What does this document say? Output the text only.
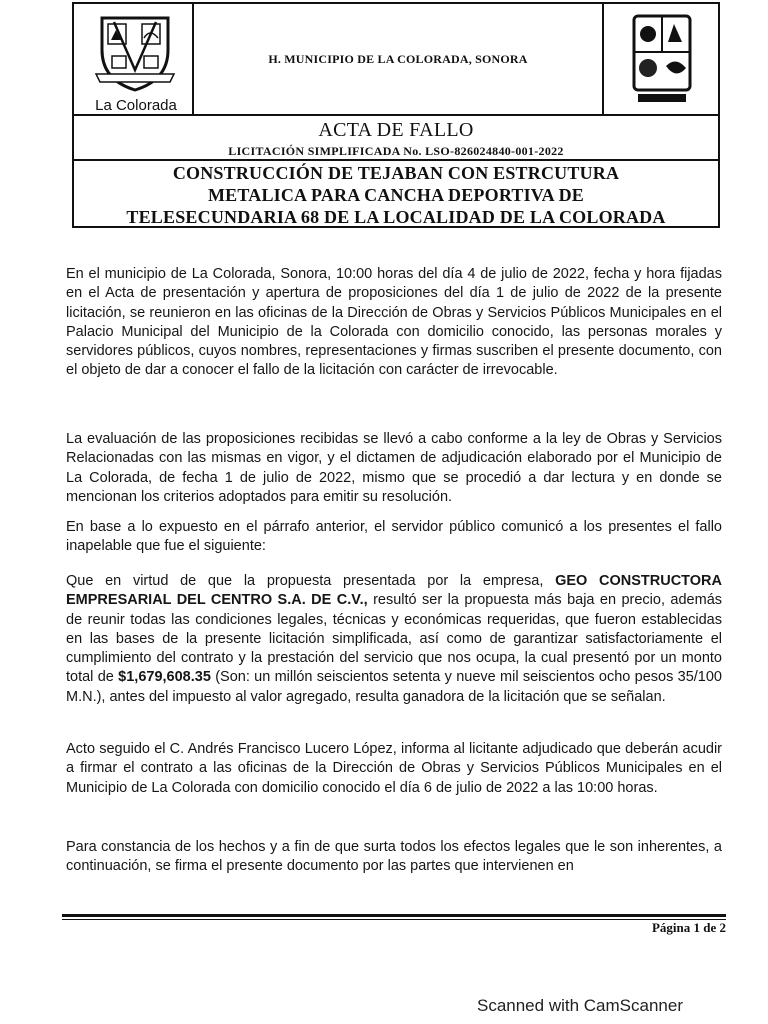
La Colorada
H. MUNICIPIO DE LA COLORADA, SONORA
ACTA DE FALLO
LICITACIÓN SIMPLIFICADA No. LSO-826024840-001-2022
CONSTRUCCIÓN DE TEJABAN CON ESTRCUTURA
METALICA PARA CANCHA DEPORTIVA DE
TELESECUNDARIA 68 DE LA LOCALIDAD DE LA COLORADA
En el municipio de La Colorada, Sonora, 10:00 horas del día 4 de julio de 2022, fecha y hora fijadas en el Acta de presentación y apertura de proposiciones del día 1 de julio de 2022 de la presente licitación, se reunieron en las oficinas de la Dirección de Obras y Servicios Públicos Municipales en el Palacio Municipal del Municipio de la Colorada con domicilio conocido, las personas morales y servidores públicos, cuyos nombres, representaciones y firmas suscriben el presente documento, con el objeto de dar a conocer el fallo de la licitación con carácter de irrevocable.
La evaluación de las proposiciones recibidas se llevó a cabo conforme a la ley de Obras y Servicios Relacionadas con las mismas en vigor, y el dictamen de adjudicación elaborado por el Municipio de La Colorada, de fecha 1 de julio de 2022, mismo que se procedió a dar lectura y en donde se mencionan los criterios adoptados para emitir su resolución.
En base a lo expuesto en el párrafo anterior, el servidor público comunicó a los presentes el fallo inapelable que fue el siguiente:
Que en virtud de que la propuesta presentada por la empresa, GEO CONSTRUCTORA EMPRESARIAL DEL CENTRO S.A. DE C.V., resultó ser la propuesta más baja en precio, además de reunir todas las condiciones legales, técnicas y económicas requeridas, que fueron establecidas en las bases de la presente licitación simplificada, así como de garantizar satisfactoriamente el cumplimiento del contrato y la prestación del servicio que nos ocupa, la cual presentó por un monto total de $1,679,608.35 (Son: un millón seiscientos setenta y nueve mil seiscientos ocho pesos 35/100 M.N.), antes del impuesto al valor agregado, resulta ganadora de la licitación que se señalan.
Acto seguido el C. Andrés Francisco Lucero López, informa al licitante adjudicado que deberán acudir a firmar el contrato a las oficinas de la Dirección de Obras y Servicios Públicos Municipales en el Municipio de La Colorada con domicilio conocido el día 6 de julio de 2022 a las 10:00 horas.
Para constancia de los hechos y a fin de que surta todos los efectos legales que le son inherentes, a continuación, se firma el presente documento por las partes que intervienen en
Página 1 de 2
Scanned with CamScanner
